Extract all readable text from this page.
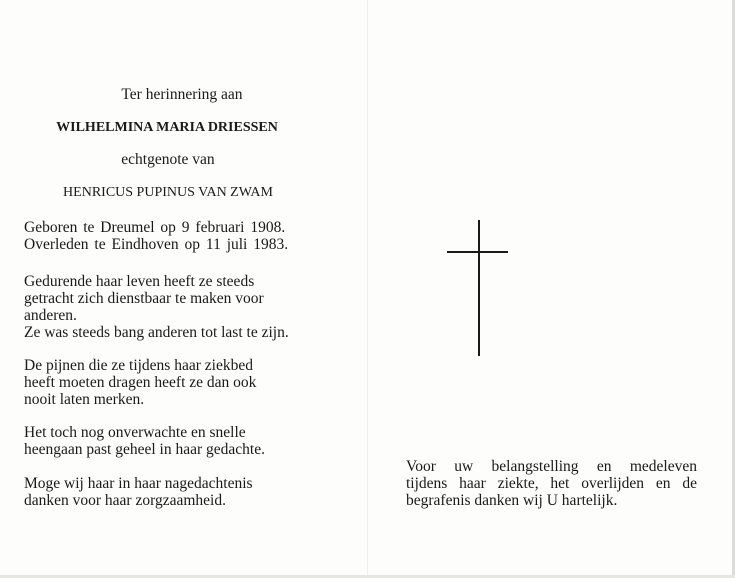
Ter herinnering aan
WILHELMINA MARIA DRIESSEN
echtgenote van
HENRICUS PUPINUS VAN ZWAM
Geboren te Dreumel op 9 februari 1908.
Overleden te Eindhoven op 11 juli 1983.
Gedurende haar leven heeft ze steeds
getracht zich dienstbaar te maken voor
anderen.
Ze was steeds bang anderen tot last te zijn.
De pijnen die ze tijdens haar ziekbed
heeft moeten dragen heeft ze dan ook
nooit laten merken.
Het toch nog onverwachte en snelle
heengaan past geheel in haar gedachte.
Moge wij haar in haar nagedachtenis
danken voor haar zorgzaamheid.
Voor uw belangstelling en medeleven
tijdens haar ziekte, het overlijden en de
begrafenis danken wij U hartelijk.
